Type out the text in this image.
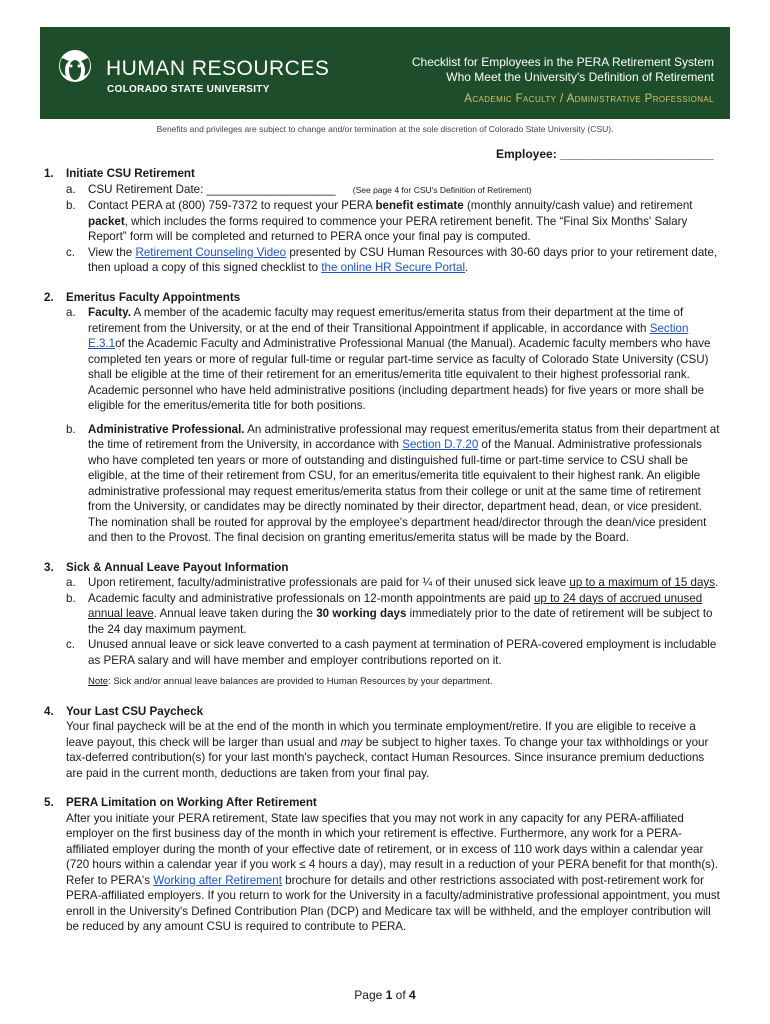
HUMAN RESOURCES
COLORADO STATE UNIVERSITY
Checklist for Employees in the PERA Retirement System
Who Meet the University's Definition of Retirement
Academic Faculty / Administrative Professional
Benefits and privileges are subject to change and/or termination at the sole discretion of Colorado State University (CSU).
Employee: _______________________
1. Initiate CSU Retirement
a. CSU Retirement Date: ____________________ (See page 4 for CSU's Definition of Retirement)
b. Contact PERA at (800) 759-7372 to request your PERA benefit estimate (monthly annuity/cash value) and retirement packet, which includes the forms required to commence your PERA retirement benefit. The “Final Six Months' Salary Report” form will be completed and returned to PERA once your final pay is computed.
c. View the Retirement Counseling Video presented by CSU Human Resources with 30-60 days prior to your retirement date, then upload a copy of this signed checklist to the online HR Secure Portal.
2. Emeritus Faculty Appointments
a. Faculty. A member of the academic faculty may request emeritus/emerita status from their department at the time of retirement from the University, or at the end of their Transitional Appointment if applicable, in accordance with Section E.3.1of the Academic Faculty and Administrative Professional Manual (the Manual). Academic faculty members who have completed ten years or more of regular full-time or regular part-time service as faculty of Colorado State University (CSU) shall be eligible at the time of their retirement for an emeritus/emerita title equivalent to their highest professorial rank. Academic personnel who have held administrative positions (including department heads) for five years or more shall be eligible for the emeritus/emerita title for both positions.
b. Administrative Professional. An administrative professional may request emeritus/emerita status from their department at the time of retirement from the University, in accordance with Section D.7.20 of the Manual. Administrative professionals who have completed ten years or more of outstanding and distinguished full-time or part-time service to CSU shall be eligible, at the time of their retirement from CSU, for an emeritus/emerita title equivalent to their highest rank. An eligible administrative professional may request emeritus/emerita status from their college or unit at the same time of retirement from the University, or candidates may be directly nominated by their director, department head, dean, or vice president. The nomination shall be routed for approval by the employee's department head/director through the dean/vice president and then to the Provost. The final decision on granting emeritus/emerita status will be made by the Board.
3. Sick & Annual Leave Payout Information
a. Upon retirement, faculty/administrative professionals are paid for ¼ of their unused sick leave up to a maximum of 15 days.
b. Academic faculty and administrative professionals on 12-month appointments are paid up to 24 days of accrued unused annual leave. Annual leave taken during the 30 working days immediately prior to the date of retirement will be subject to the 24 day maximum payment.
c. Unused annual leave or sick leave converted to a cash payment at termination of PERA-covered employment is includable as PERA salary and will have member and employer contributions reported on it.
Note: Sick and/or annual leave balances are provided to Human Resources by your department.
4. Your Last CSU Paycheck
Your final paycheck will be at the end of the month in which you terminate employment/retire. If you are eligible to receive a leave payout, this check will be larger than usual and may be subject to higher taxes. To change your tax withholdings or your tax-deferred contribution(s) for your last month's paycheck, contact Human Resources. Since insurance premium deductions are paid in the current month, deductions are taken from your final pay.
5. PERA Limitation on Working After Retirement
After you initiate your PERA retirement, State law specifies that you may not work in any capacity for any PERA-affiliated employer on the first business day of the month in which your retirement is effective. Furthermore, any work for a PERA-affiliated employer during the month of your effective date of retirement, or in excess of 110 work days within a calendar year (720 hours within a calendar year if you work ≤ 4 hours a day), may result in a reduction of your PERA benefit for that month(s). Refer to PERA's Working after Retirement brochure for details and other restrictions associated with post-retirement work for PERA-affiliated employers. If you return to work for the University in a faculty/administrative professional appointment, you must enroll in the University's Defined Contribution Plan (DCP) and Medicare tax will be withheld, and the employer contribution will be reduced by any amount CSU is required to contribute to PERA.
Page 1 of 4
